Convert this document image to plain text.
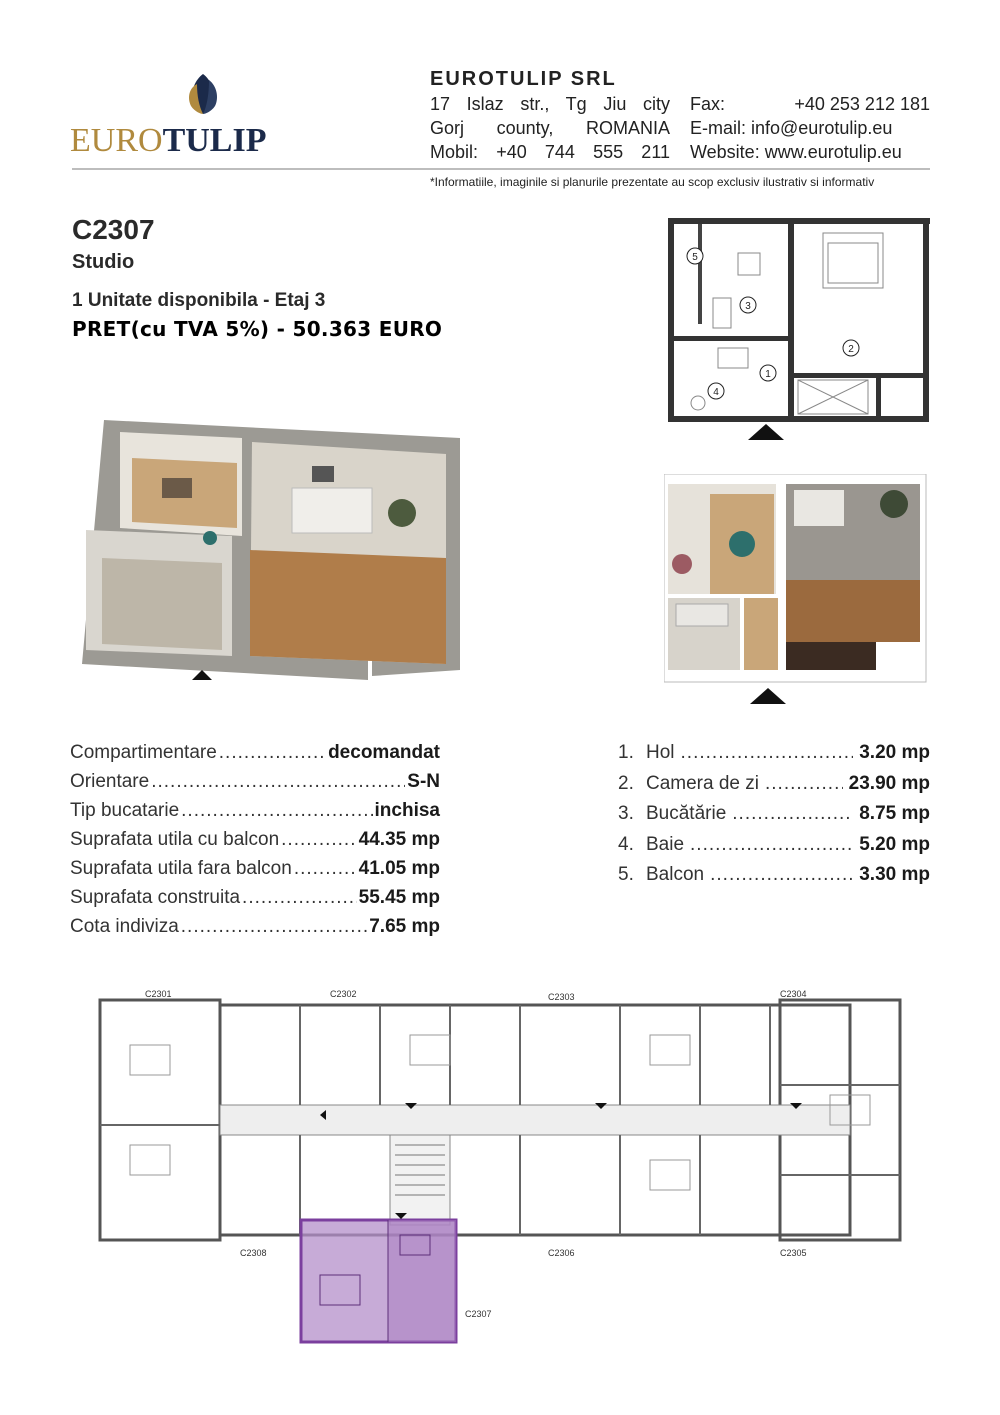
EUROTULIP
EUROTULIP SRL
17 Islaz str., Tg Jiu city
Gorj county, ROMANIA
Mobil: +40 744 555 211
Fax:	+40 253 212 181
E-mail: info@eurotulip.eu
Website: www.eurotulip.eu
*Informatiile, imaginile si planurile prezentate au scop exclusiv ilustrativ si informativ
C2307
Studio
1 Unitate disponibila - Etaj 3
PRET(cu TVA 5%) - 50.363 EURO
5
2
3
4
1
Compartimentare .....	decomandat
Orientare .....	S-N
Tip bucatarie .....	inchisa
Suprafata utila cu balcon .....	44.35 mp
Suprafata utila fara balcon .....	41.05 mp
Suprafata construita .....	55.45 mp
Cota indiviza .....	7.65 mp
1. Hol .....	3.20 mp
2. Camera de zi .....	23.90 mp
3. Bucătărie .....	8.75 mp
4. Baie .....	5.20 mp
5. Balcon .....	3.30 mp
C2301	C2302	C2303	C2304
C2308	C2306	C2305
C2307
